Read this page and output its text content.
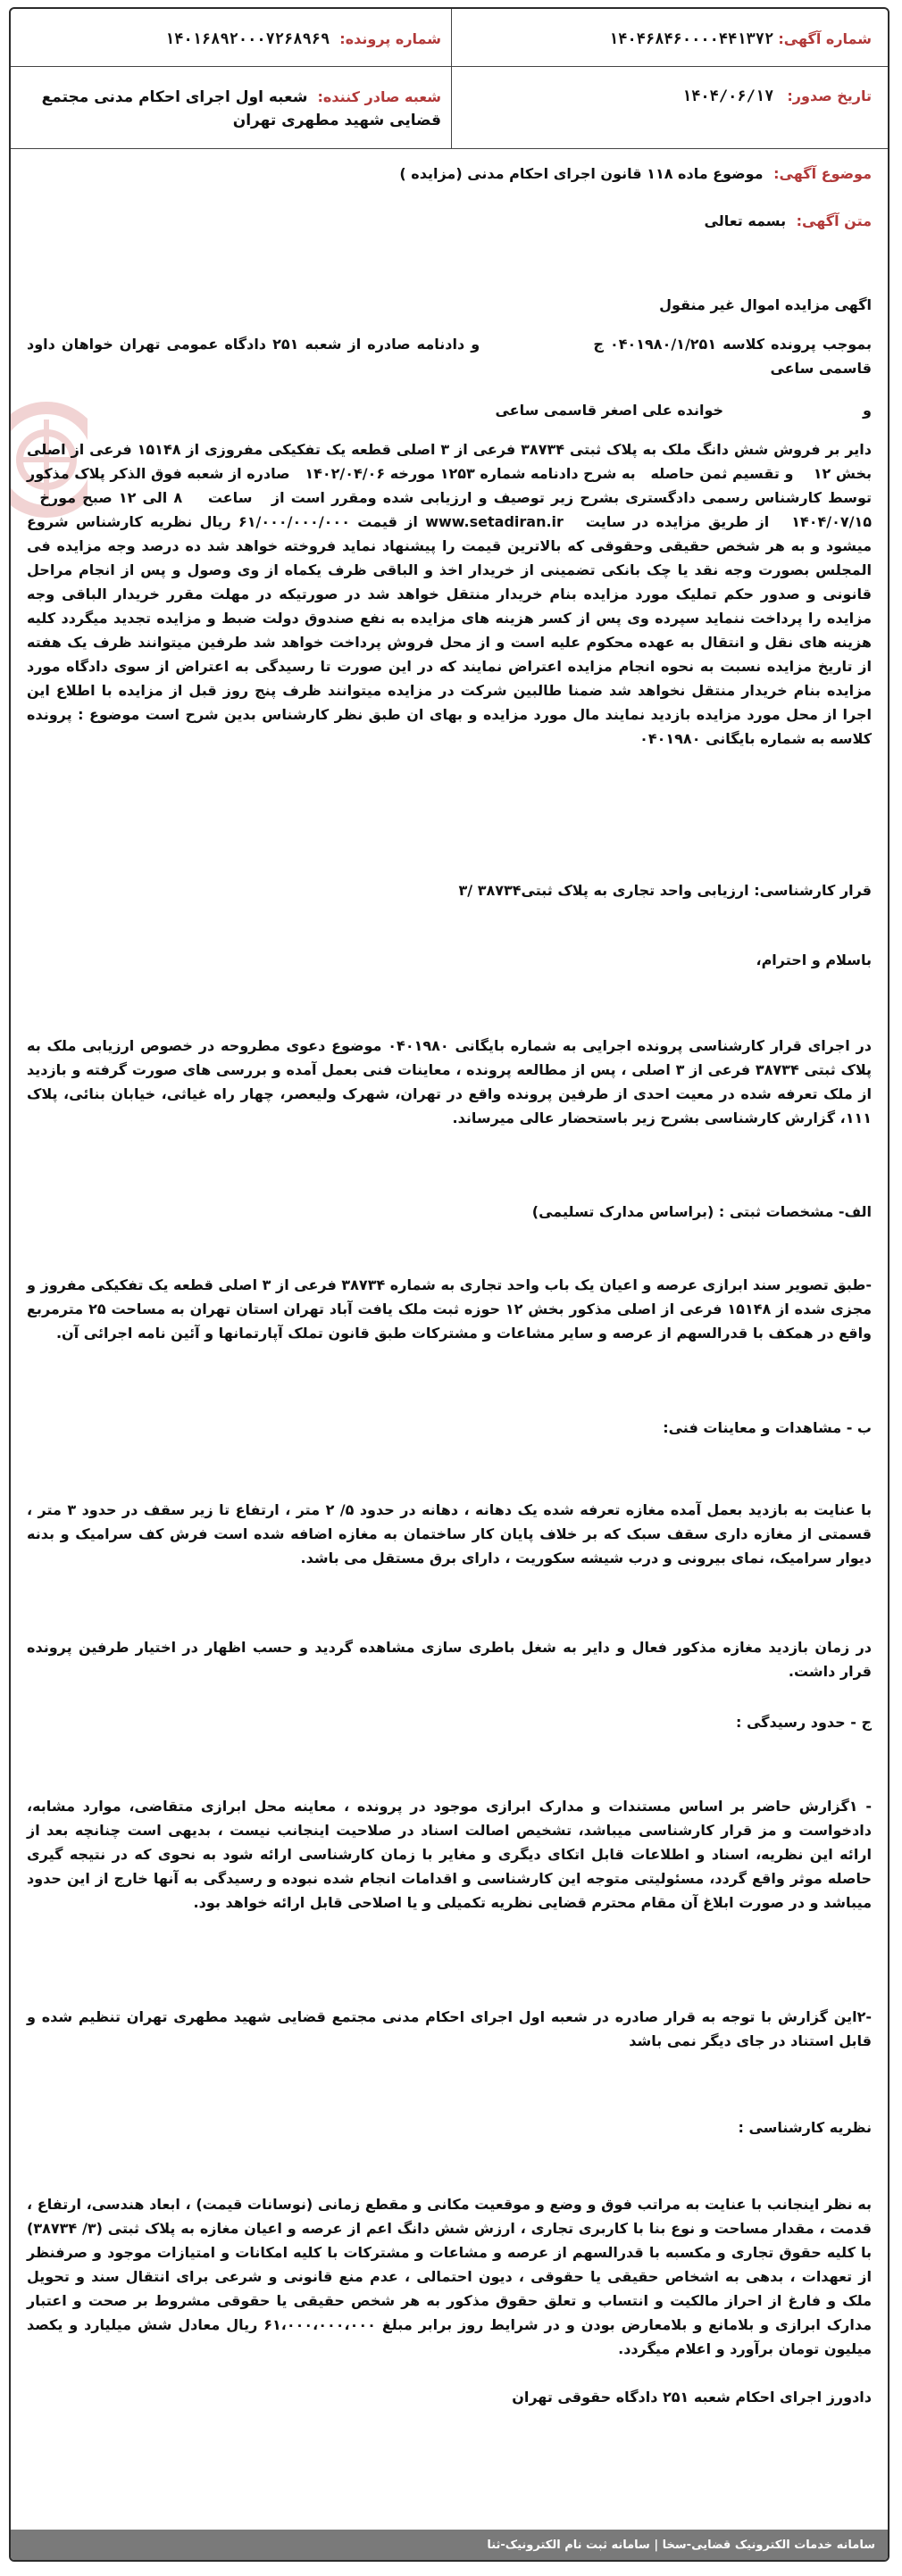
شماره آگهی: ۱۴۰۴۶۸۴۶۰۰۰۰۴۴۱۳۷۲
شماره پرونده: ۱۴۰۱۶۸۹۲۰۰۰۷۲۶۸۹۶۹
تاریخ صدور: ۱۴۰۴/۰۶/۱۷
شعبه صادر کننده: شعبه اول اجرای احکام مدنی مجتمع قضایی شهید مطهری تهران
موضوع آگهی: موضوع ماده ۱۱۸ قانون اجرای احکام مدنی (مزایده )
متن آگهی: بسمه تعالی

اگهی مزایده اموال غیر منقول

بموجب پرونده کلاسه ۰۴۰۱۹۸۰/۱/۲۵۱ ج                  و دادنامه صادره از شعبه ۲۵۱ دادگاه عمومی تهران خواهان داود قاسمی ساعی

و                            خوانده علی اصغر قاسمی ساعی

دایر بر فروش شش دانگ ملک به پلاک ثبتی ۳۸۷۳۴ فرعی از ۳ اصلی قطعه یک تفکیکی مفروزی از ۱۵۱۴۸ فرعی از اصلی بخش ۱۲    و تقسیم ثمن حاصله   به شرح دادنامه شماره ۱۲۵۳ مورخه ۱۴۰۲/۰۴/۰۶   صادره از شعبه فوق الذکر پلاک مذکور توسط کارشناس رسمی دادگستری بشرح زیر توصیف و ارزیابی شده ومقرر است از   ساعت    ۸ الی ۱۲ صبح مورخ   ۱۴۰۴/۰۷/۱۵   از طریق مزایده در سایت   www.setadiran.ir از قیمت ۶۱/۰۰۰/۰۰۰/۰۰۰ ریال نظریه کارشناس شروع میشود و به هر شخص حقیقی وحقوقی که بالاترین قیمت را پیشنهاد نماید فروخته خواهد شد ده درصد وجه مزایده فی المجلس بصورت وجه نقد یا چک بانکی تضمینی از خریدار اخذ و الباقی ظرف یکماه از وی وصول و پس از انجام مراحل قانونی و صدور حکم تملیک مورد مزایده بنام خریدار منتقل خواهد شد در صورتیکه در مهلت مقرر خریدار الباقی وجه مزایده را پرداخت ننماید سپرده وی پس از کسر هزینه های مزایده به نفع صندوق دولت ضبط و مزایده تجدید میگردد کلیه هزینه های نقل و انتقال به عهده محکوم علیه است و از محل فروش پرداخت خواهد شد طرفین میتوانند ظرف یک هفته از تاریخ مزایده نسبت به نحوه انجام مزایده اعتراض نمایند که در این صورت تا رسیدگی به اعتراض از سوی دادگاه مورد مزایده بنام خریدار منتقل نخواهد شد ضمنا طالبین شرکت در مزایده میتوانند ظرف پنج روز قبل از مزایده با اطلاع این اجرا از محل مورد مزایده بازدید نمایند مال مورد مزایده و بهای ان طبق نظر کارشناس بدین شرح است موضوع : پرونده کلاسه به شماره بایگانی ۰۴۰۱۹۸۰

قرار کارشناسی: ارزیابی واحد تجاری به پلاک ثبتی۳۸۷۳۴ /۳

باسلام و احترام،

در اجرای قرار کارشناسی پرونده اجرایی به شماره بایگانی ۰۴۰۱۹۸۰ موضوع دعوی مطروحه در خصوص ارزیابی ملک به پلاک ثبتی ۳۸۷۳۴ فرعی از ۳ اصلی ، پس از مطالعه پرونده ، معاینات فنی بعمل آمده و بررسی های صورت گرفته و بازدید از ملک تعرفه شده در معیت احدی از طرفین پرونده واقع در تهران، شهرک ولیعصر، چهار راه غیاثی، خیابان بنائی، پلاک ۱۱۱، گزارش کارشناسی بشرح زیر باستحضار عالی میرساند.

الف- مشخصات ثبتی : (براساس مدارک تسلیمی)

-طبق تصویر سند ابرازی عرصه و اعیان یک باب واحد تجاری به شماره ۳۸۷۳۴ فرعی از ۳ اصلی قطعه یک تفکیکی مفروز و مجزی شده از ۱۵۱۴۸ فرعی از اصلی مذکور بخش ۱۲ حوزه ثبت ملک یافت آباد تهران استان تهران به مساحت ۲۵ مترمربع واقع در همکف با قدرالسهم از عرصه و سایر مشاعات و مشترکات طبق قانون تملک آپارتمانها و آئین نامه اجرائی آن.

ب - مشاهدات و معاینات فنی:

با عنایت به بازدید بعمل آمده مغازه تعرفه شده یک دهانه ، دهانه در حدود ۵/ ۲ متر ، ارتفاع تا زیر سقف در حدود ۳ متر ، قسمتی از مغازه داری سقف سبک که بر خلاف پایان کار ساختمان به مغازه اضافه شده است فرش کف سرامیک و بدنه دیوار سرامیک، نمای بیرونی و درب شیشه سکوریت ، دارای برق مستقل می باشد.

در زمان بازدید مغازه مذکور فعال و دایر به شغل باطری سازی مشاهده گردید و حسب اظهار در اختیار طرفین پرونده قرار داشت.

ج - حدود رسیدگی :

- ۱گزارش حاضر بر اساس مستندات و مدارک ابرازی موجود در پرونده ، معاینه محل ابرازی متقاضی، موارد مشابه، دادخواست و مز قرار کارشناسی میباشد، تشخیص اصالت اسناد در صلاحیت اینجانب نیست ، بدیهی است چنانچه بعد از ارائه این نظریه، اسناد و اطلاعات قابل اتکای دیگری و مغایر با زمان کارشناسی ارائه شود به نحوی که در نتیجه گیری حاصله موثر واقع گردد، مسئولیتی متوجه این کارشناسی و اقدامات انجام شده نبوده و رسیدگی به آنها خارج از این حدود میباشد و در صورت ابلاغ آن مقام محترم قضایی نظریه تکمیلی و یا اصلاحی قابل ارائه خواهد بود.

-۲این گزارش با توجه به قرار صادره در شعبه اول اجرای احکام مدنی مجتمع قضایی شهید مطهری تهران تنظیم شده و قابل استناد در جای دیگر نمی باشد

نظریه کارشناسی :

به نظر اینجانب با عنایت به مراتب فوق و وضع و موقعیت مکانی و مقطع زمانی (نوسانات قیمت) ، ابعاد هندسی، ارتفاع ، قدمت ، مقدار مساحت و نوع بنا با کاربری تجاری ، ارزش شش دانگ اعم از عرصه و اعیان مغازه به پلاک ثبتی (۳/ ۳۸۷۳۴) با کلیه حقوق تجاری و مکسبه با قدرالسهم از عرصه و مشاعات و مشترکات با کلیه امکانات و امتیازات موجود و صرفنظر از تعهدات ، بدهی به اشخاص حقیقی یا حقوقی ، دیون احتمالی ، عدم منع قانونی و شرعی برای انتقال سند و تحویل ملک و فارغ از احراز مالکیت و انتساب و تعلق حقوق مذکور به هر شخص حقیقی یا حقوقی مشروط بر صحت و اعتبار مدارک ابرازی و بلامانع و بلامعارض بودن و در شرایط روز برابر مبلغ ۶۱،۰۰۰،۰۰۰،۰۰۰ ریال معادل شش میلیارد و یکصد میلیون تومان برآورد و اعلام میگردد.

دادورز اجرای احکام شعبه ۲۵۱ دادگاه حقوقی تهران

سامانه خدمات الکترونیک قضایی-سخا | سامانه ثبت نام الکترونیک-ثنا
